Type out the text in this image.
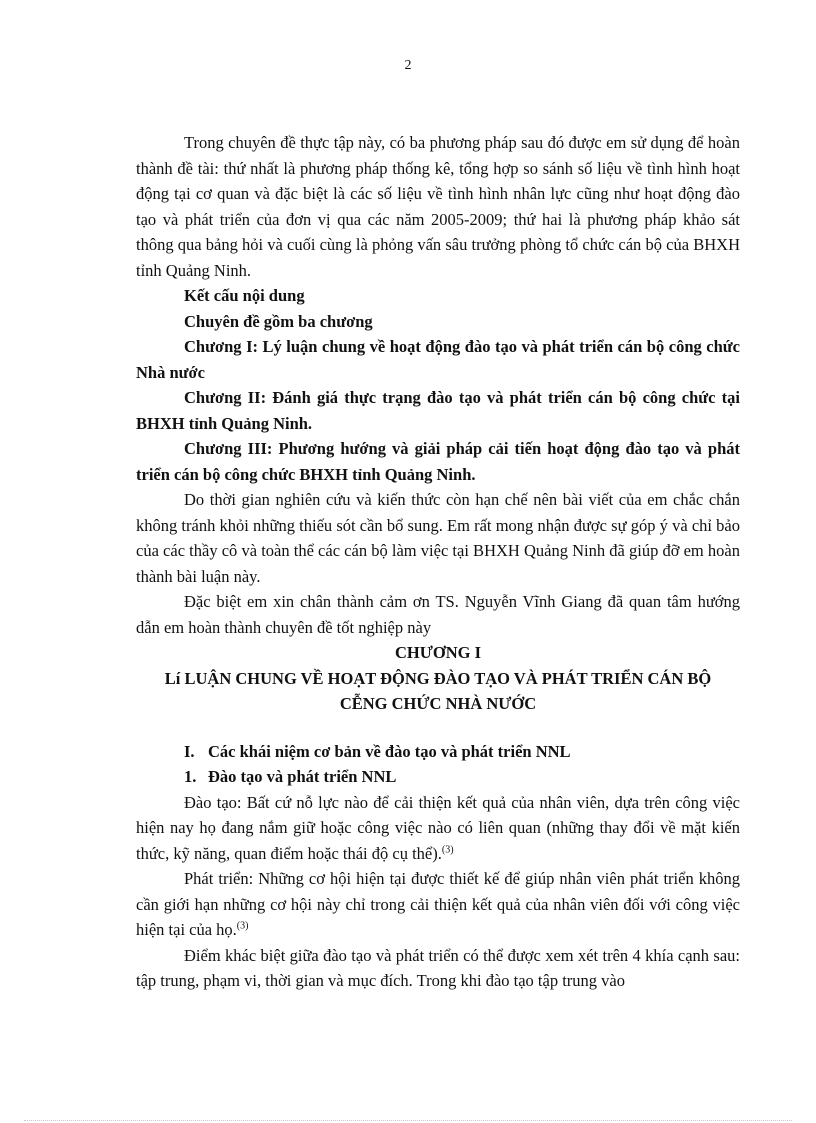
2

Trong chuyên đề thực tập này, có ba phương pháp sau đó được em sử dụng để hoàn thành đề tài: thứ nhất là phương pháp thống kê, tổng hợp so sánh số liệu về tình hình hoạt động tại cơ quan và đặc biệt là các số liệu về tình hình nhân lực cũng như hoạt động đào tạo và phát triển của đơn vị qua các năm 2005-2009; thứ hai là phương pháp khảo sát thông qua bảng hỏi và cuối cùng là phỏng vấn sâu trưởng phòng tổ chức cán bộ của BHXH tỉnh Quảng Ninh.

Kết cấu nội dung

Chuyên đề gồm ba chương

Chương I: Lý luận chung về hoạt động đào tạo và phát triển cán bộ công chức Nhà nước

Chương II: Đánh giá thực trạng đào tạo và phát triển cán bộ công chức tại BHXH tỉnh Quảng Ninh.

Chương III: Phương hướng và giải pháp cải tiến hoạt động đào tạo và phát triển cán bộ công chức BHXH tỉnh Quảng Ninh.

Do thời gian nghiên cứu và kiến thức còn hạn chế nên bài viết của em chắc chắn không tránh khỏi những thiếu sót cần bổ sung. Em rất mong nhận được sự góp ý và chỉ bảo của các thầy cô và toàn thể các cán bộ làm việc tại BHXH Quảng Ninh đã giúp đỡ em hoàn thành bài luận này.

Đặc biệt em xin chân thành cảm ơn TS. Nguyễn Vĩnh Giang đã quan tâm hướng dẫn em hoàn thành chuyên đề tốt nghiệp này

CHƯƠNG I

Lí LUẬN CHUNG VỀ HOẠT ĐỘNG ĐÀO TẠO VÀ PHÁT TRIỂN CÁN BỘ

CỄNG CHỨC NHÀ NƯỚC

I. Các khái niệm cơ bản về đào tạo và phát triển NNL

1. Đào tạo và phát triển NNL

Đào tạo: Bất cứ nỗ lực nào để cải thiện kết quả của nhân viên, dựa trên công việc hiện nay họ đang nắm giữ hoặc công việc nào có liên quan (những thay đổi về mặt kiến thức, kỹ năng, quan điểm hoặc thái độ cụ thể).$^{(3)}$

Phát triển: Những cơ hội hiện tại được thiết kế để giúp nhân viên phát triển không cần giới hạn những cơ hội này chỉ trong cải thiện kết quả của nhân viên đối với công việc hiện tại của họ.$^{(3)}$

Điểm khác biệt giữa đào tạo và phát triển có thể được xem xét trên 4 khía cạnh sau: tập trung, phạm vi, thời gian và mục đích. Trong khi đào tạo tập trung vào
